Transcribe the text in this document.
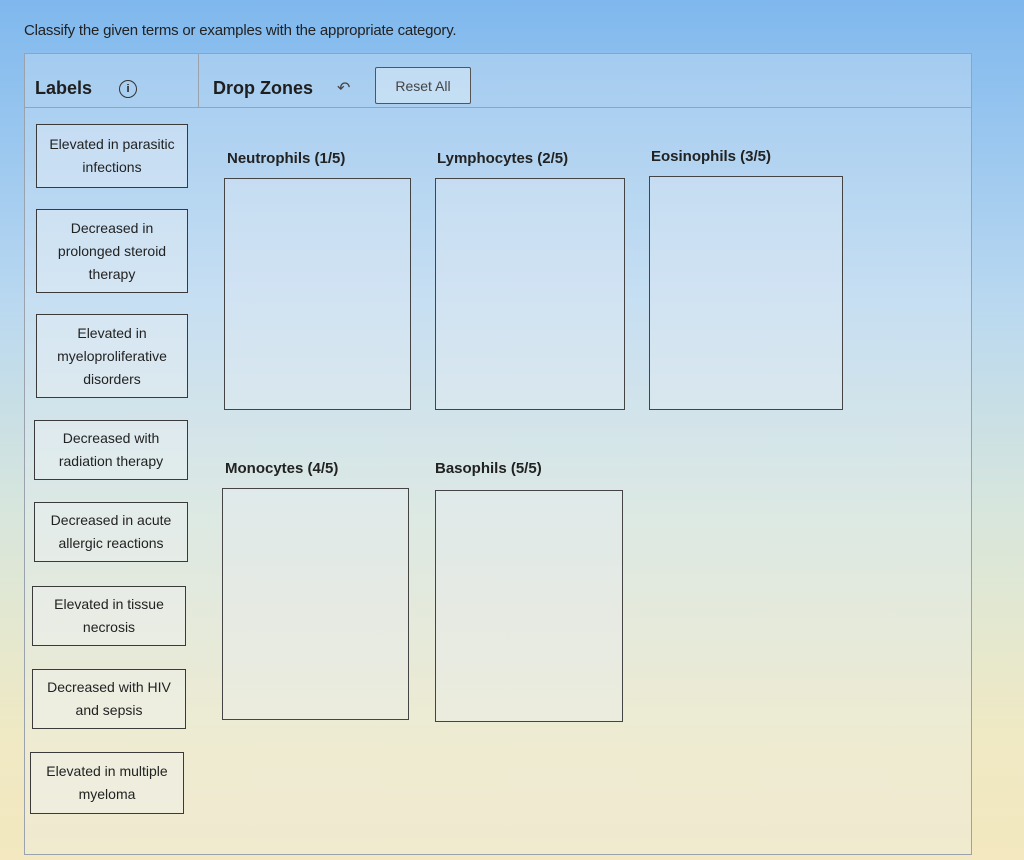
Classify the given terms or examples with the appropriate category.
Labels	i	Drop Zones ↶	Reset All
Elevated in parasitic infections
Decreased in prolonged steroid therapy
Elevated in myeloproliferative disorders
Decreased with radiation therapy
Decreased in acute allergic reactions
Elevated in tissue necrosis
Decreased with HIV and sepsis
Elevated in multiple myeloma
Neutrophils (1/5)	Lymphocytes (2/5)	Eosinophils (3/5)
Monocytes (4/5)	Basophils (5/5)
